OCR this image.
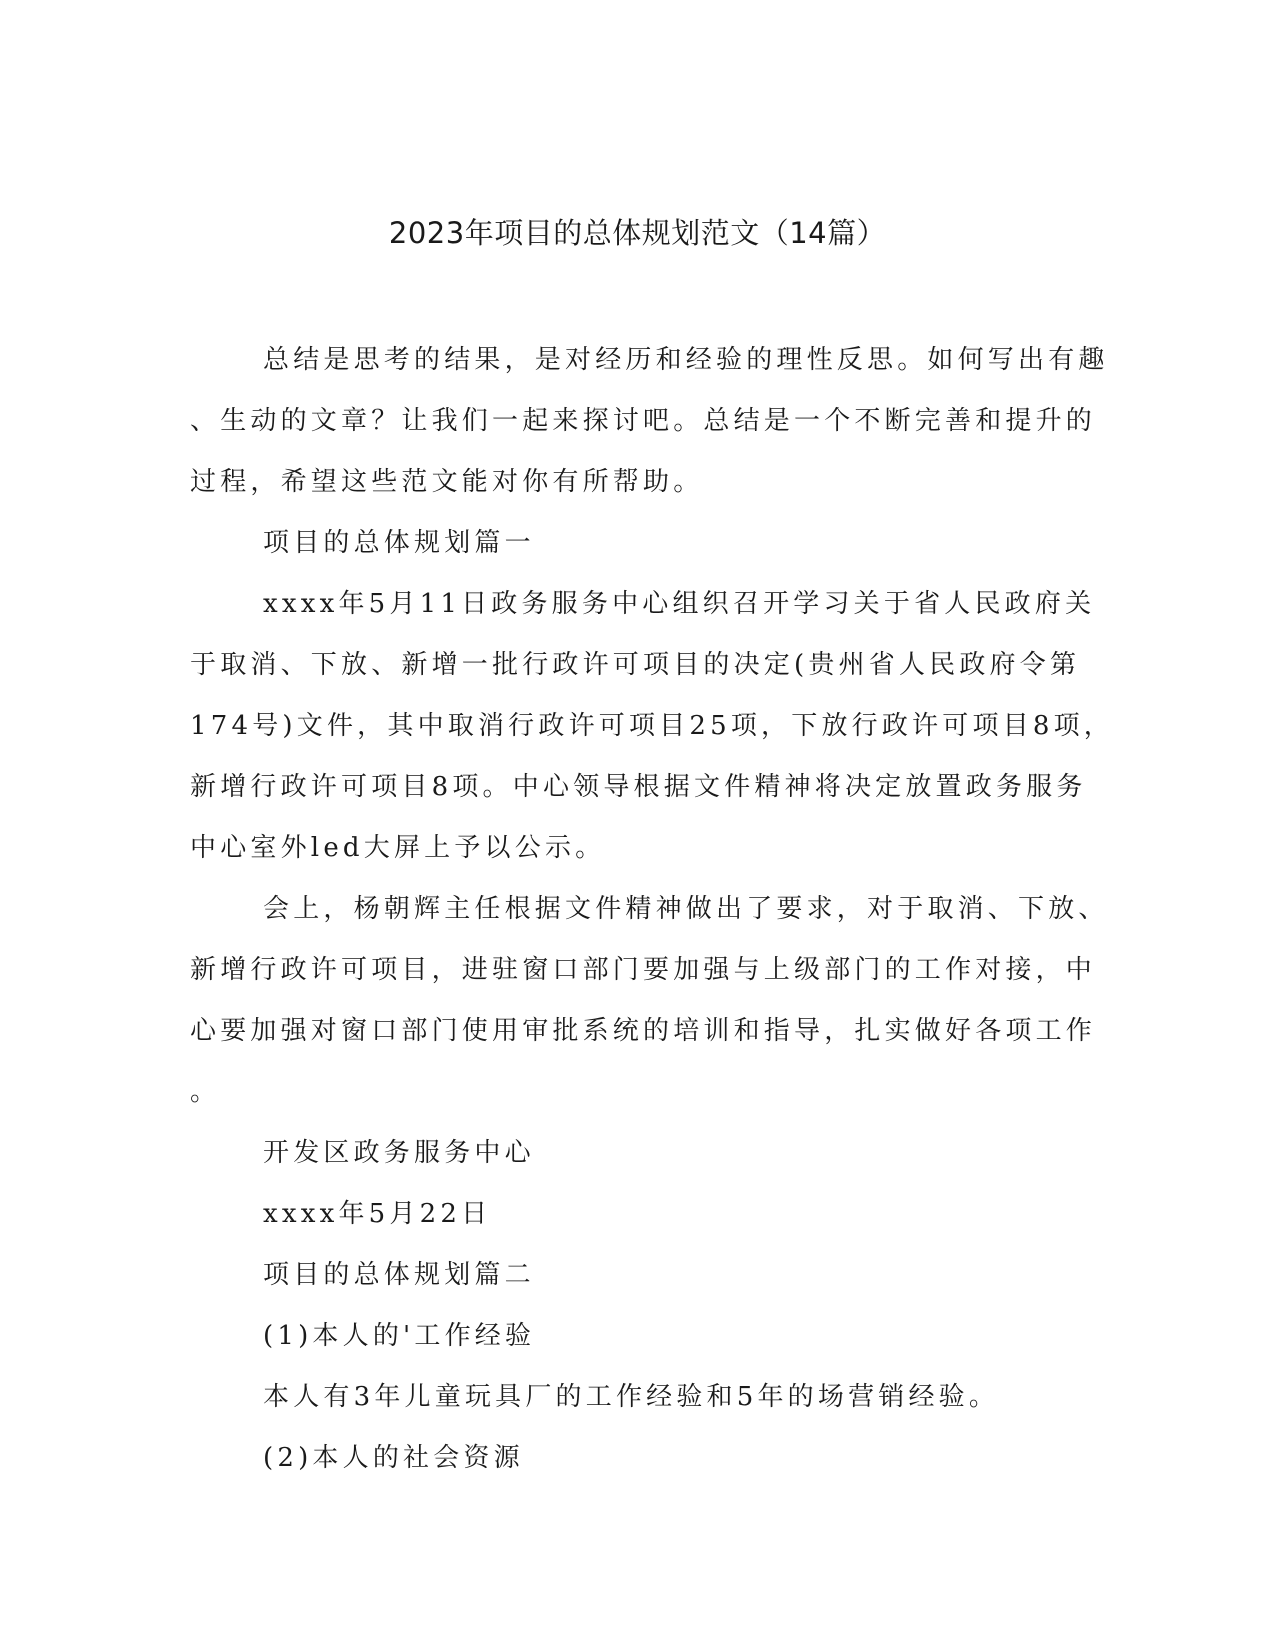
2023年项目的总体规划范文（14篇）
总结是思考的结果，是对经历和经验的理性反思。如何写出有趣
、生动的文章？让我们一起来探讨吧。总结是一个不断完善和提升的
过程，希望这些范文能对你有所帮助。
项目的总体规划篇一
xxxx年5月11日政务服务中心组织召开学习关于省人民政府关
于取消、下放、新增一批行政许可项目的决定(贵州省人民政府令第
174号)文件，其中取消行政许可项目25项，下放行政许可项目8项，
新增行政许可项目8项。中心领导根据文件精神将决定放置政务服务
中心室外led大屏上予以公示。
会上，杨朝辉主任根据文件精神做出了要求，对于取消、下放、
新增行政许可项目，进驻窗口部门要加强与上级部门的工作对接，中
心要加强对窗口部门使用审批系统的培训和指导，扎实做好各项工作
。
开发区政务服务中心
xxxx年5月22日
项目的总体规划篇二
(1)本人的'工作经验
本人有3年儿童玩具厂的工作经验和5年的场营销经验。
(2)本人的社会资源
